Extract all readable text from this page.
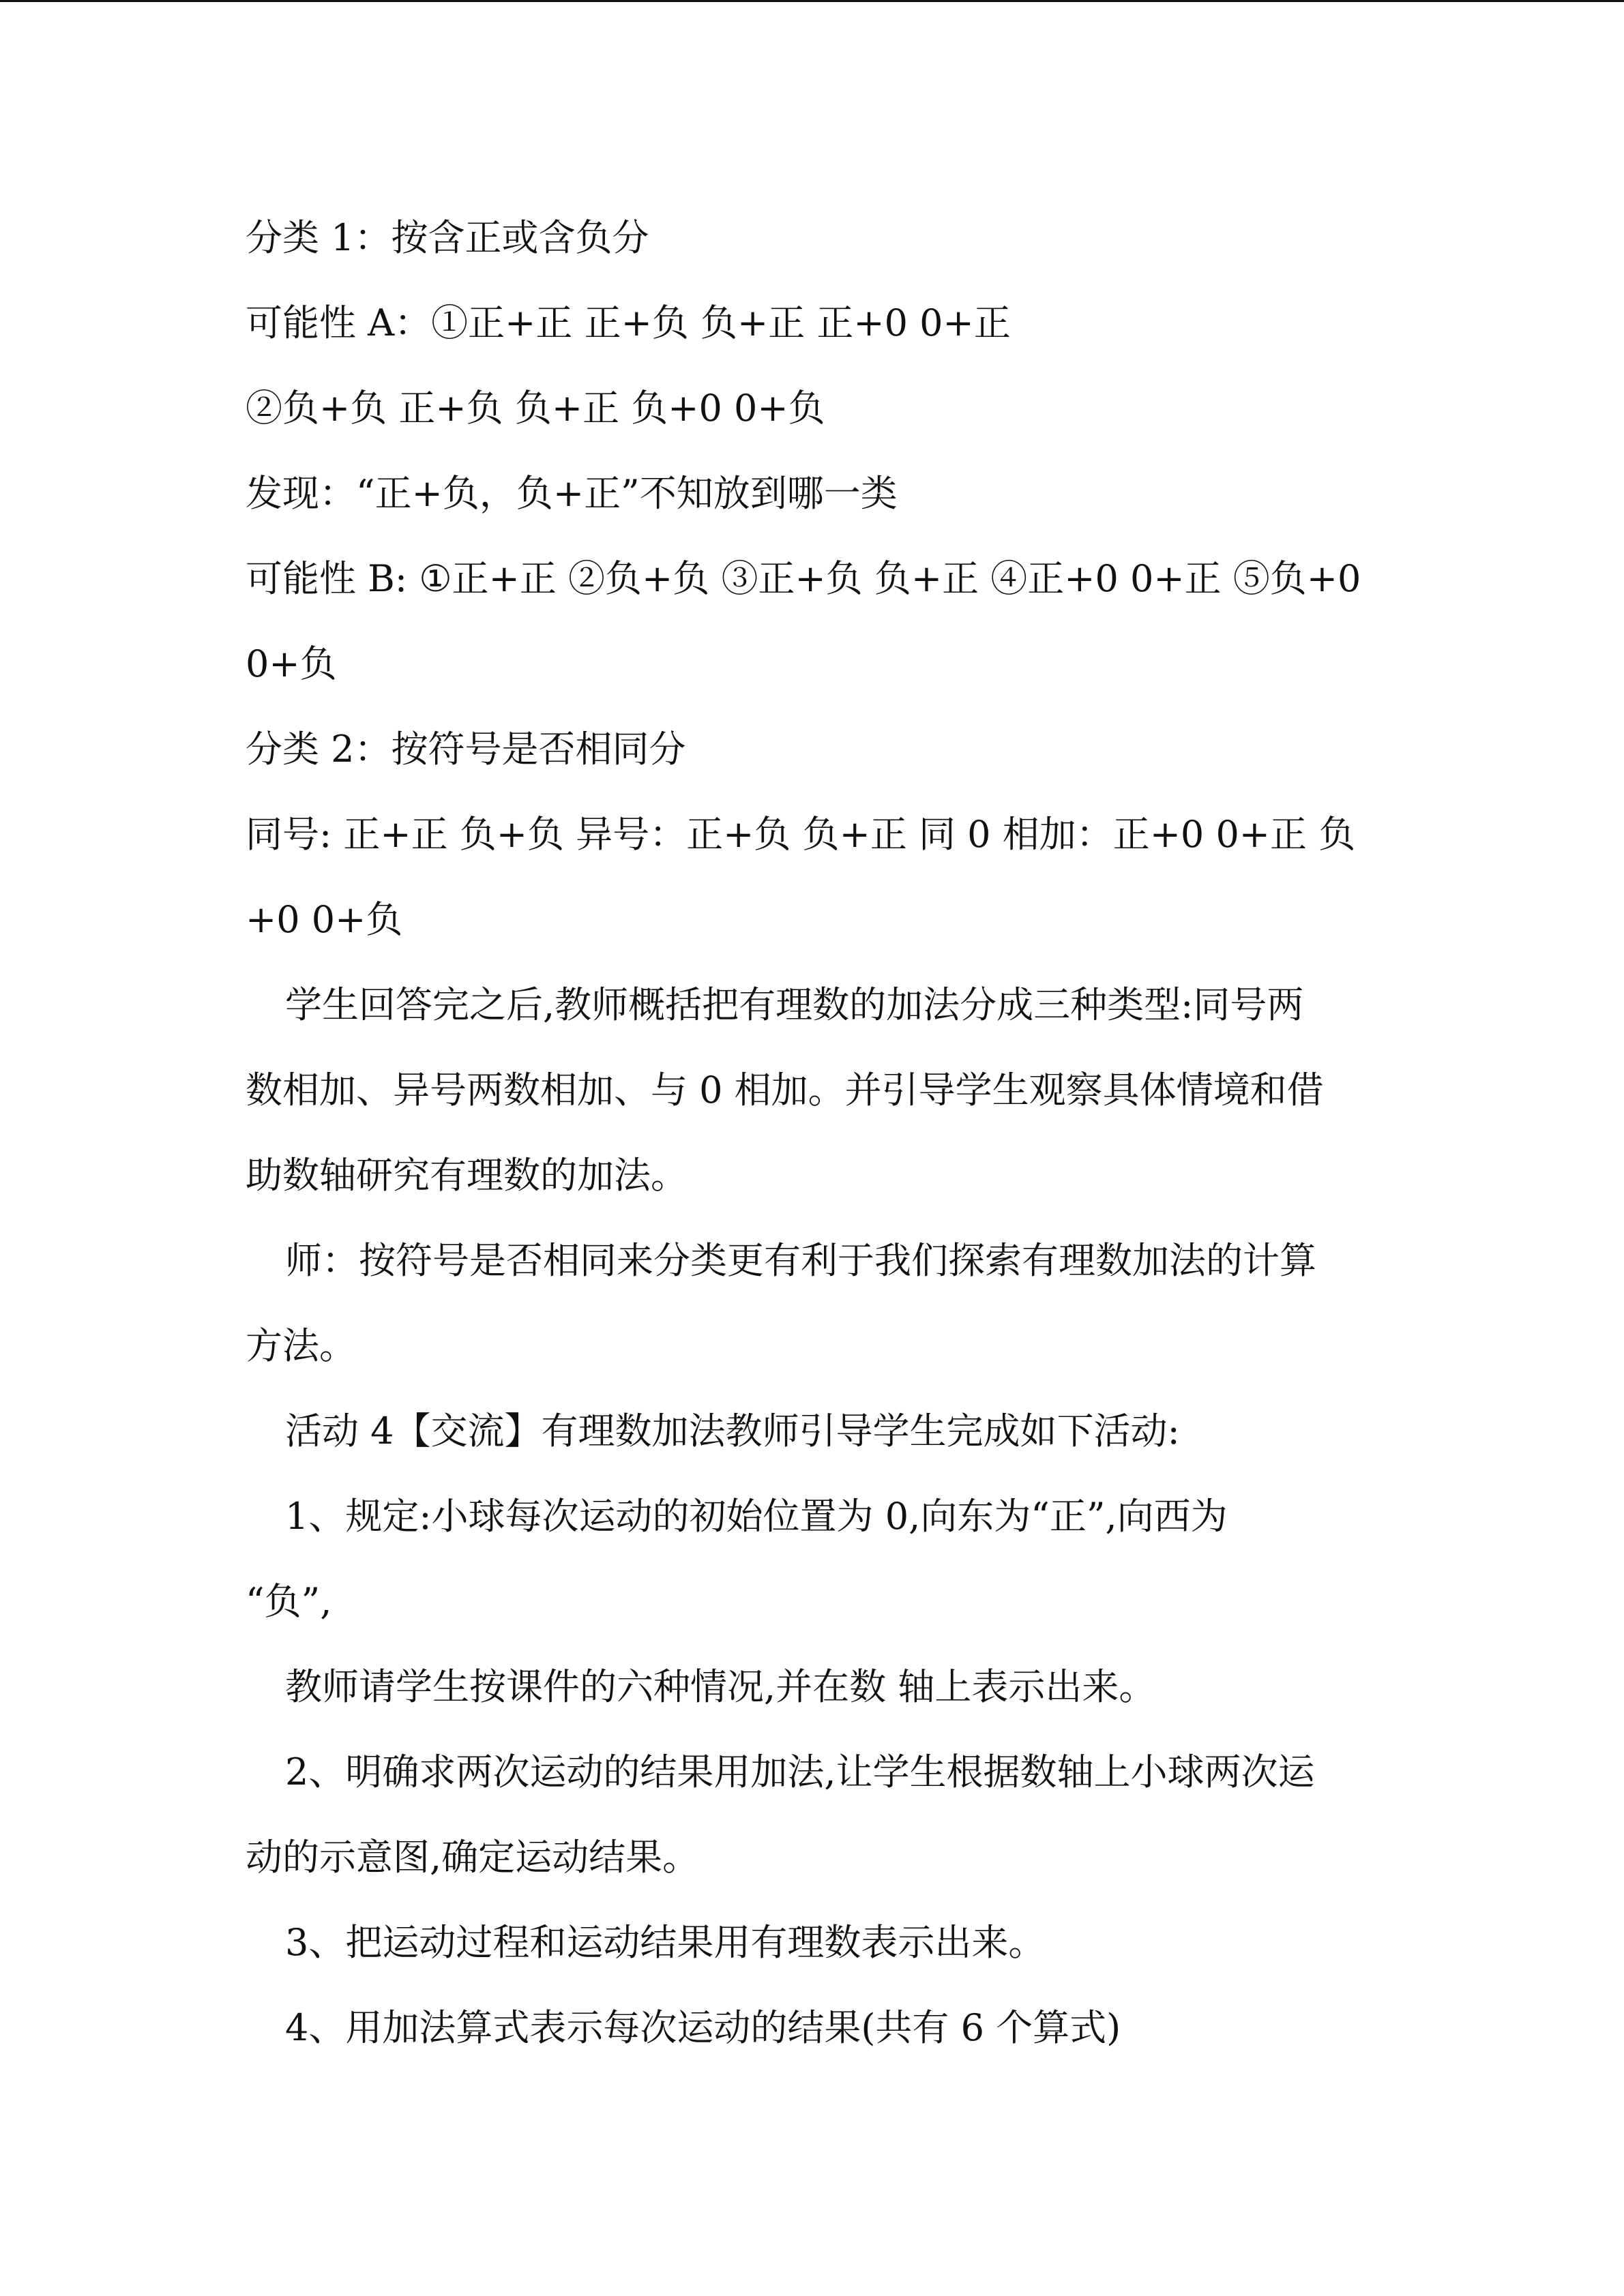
分类 1：按含正或含负分
可能性 A：①正+正 正+负 负+正 正+0 0+正
②负+负 正+负 负+正 负+0 0+负
发现：“正+负，负+正”不知放到哪一类
可能性 B: ①正+正 ②负+负 ③正+负 负+正 ④正+0 0+正 ⑤负+0
0+负
分类 2：按符号是否相同分
同号: 正+正 负+负 异号：正+负 负+正 同 0 相加：正+0 0+正 负
+0 0+负
学生回答完之后,教师概括把有理数的加法分成三种类型:同号两
数相加、异号两数相加、与 0 相加。并引导学生观察具体情境和借
助数轴研究有理数的加法。
师：按符号是否相同来分类更有利于我们探索有理数加法的计算
方法。
活动 4【交流】有理数加法教师引导学生完成如下活动:
1、规定:小球每次运动的初始位置为 0,向东为“正”,向西为
“负”,
教师请学生按课件的六种情况,并在数 轴上表示出来。
2、明确求两次运动的结果用加法,让学生根据数轴上小球两次运
动的示意图,确定运动结果。
3、把运动过程和运动结果用有理数表示出来。
4、用加法算式表示每次运动的结果(共有 6 个算式)
